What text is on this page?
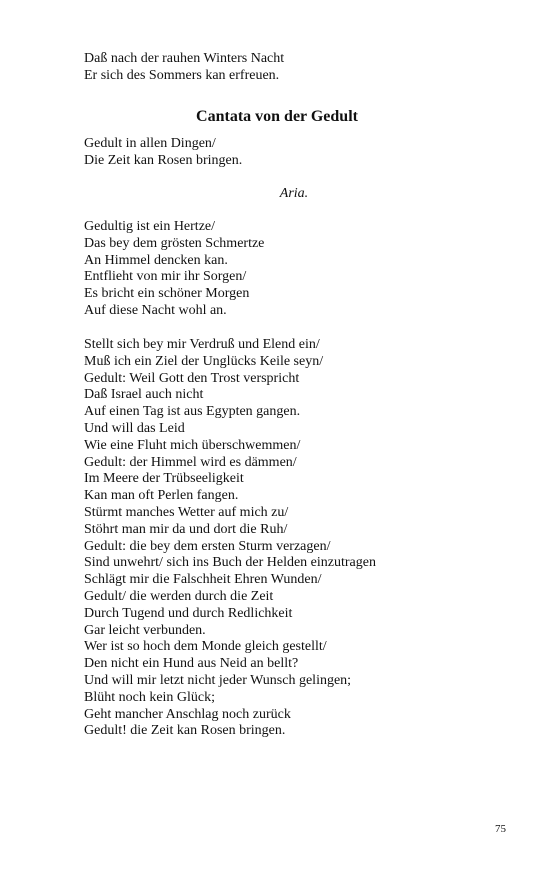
Daß nach der rauhen Winters Nacht
Er sich des Sommers kan erfreuen.
Cantata von der Gedult
Gedult in allen Dingen/
Die Zeit kan Rosen bringen.
Aria.
Gedultig ist ein Hertze/
Das bey dem grösten Schmertze
An Himmel dencken kan.
Entflieht von mir ihr Sorgen/
Es bricht ein schöner Morgen
Auf diese Nacht wohl an.
Stellt sich bey mir Verdruß und Elend ein/
Muß ich ein Ziel der Unglücks Keile seyn/
Gedult: Weil Gott den Trost verspricht
Daß Israel auch nicht
Auf einen Tag ist aus Egypten gangen.
Und will das Leid
Wie eine Fluht mich überschwemmen/
Gedult: der Himmel wird es dämmen/
Im Meere der Trübseeligkeit
Kan man oft Perlen fangen.
Stürmt manches Wetter auf mich zu/
Stöhrt man mir da und dort die Ruh/
Gedult: die bey dem ersten Sturm verzagen/
Sind unwehrt/ sich ins Buch der Helden einzutragen
Schlägt mir die Falschheit Ehren Wunden/
Gedult/ die werden durch die Zeit
Durch Tugend und durch Redlichkeit
Gar leicht verbunden.
Wer ist so hoch dem Monde gleich gestellt/
Den nicht ein Hund aus Neid an bellt?
Und will mir letzt nicht jeder Wunsch gelingen;
Blüht noch kein Glück;
Geht mancher Anschlag noch zurück
Gedult! die Zeit kan Rosen bringen.
75
